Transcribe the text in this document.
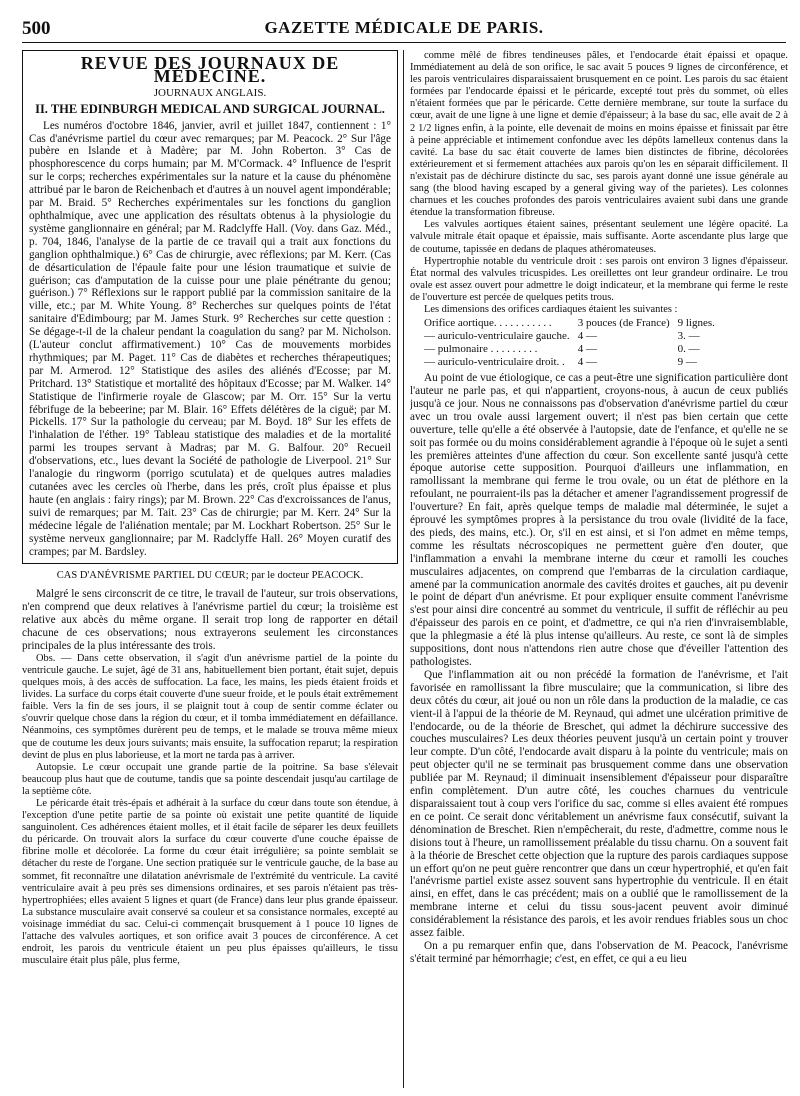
500	GAZETTE MÉDICALE DE PARIS.
REVUE DES JOURNAUX DE MÉDECINE.
JOURNAUX ANGLAIS.
II. THE EDINBURGH MEDICAL AND SURGICAL JOURNAL.

Les numéros d'octobre 1846, janvier, avril et juillet 1847, contiennent : 1° Cas d'anévrisme partiel du cœur avec remarques; par M. Peacock. 2° Sur l'âge pubère en Islande et à Madère; par M. John Roberton. 3° Cas de phosphorescence du corps humain; par M. M'Cormack. 4° Influence de l'esprit sur le corps; recherches expérimentales sur la nature et la cause du phénomène attribué par le baron de Reichenbach et d'autres à un nouvel agent impondérable; par M. Braid. 5° Recherches expérimentales sur les fonctions du ganglion ophthalmique, avec une application des résultats obtenus à la physiologie du système ganglionnaire en général; par M. Radclyffe Hall. (Voy. dans Gaz. Méd., p. 704, 1846, l'analyse de la partie de ce travail qui a trait aux fonctions du ganglion ophthalmique.) 6° Cas de chirurgie, avec réflexions; par M. Kerr. (Cas de désarticulation de l'épaule faite pour une lésion traumatique et suivie de guérison; cas d'amputation de la cuisse pour une plaie pénétrante du genou; guérison.) 7° Réflexions sur le rapport publié par la commission sanitaire de la ville, etc.; par M. White Young. 8° Recherches sur quelques points de l'état sanitaire d'Edimbourg; par M. James Sturk. 9° Recherches sur cette question : Se dégage-t-il de la chaleur pendant la coagulation du sang? par M. Nicholson. (L'auteur conclut affirmativement.) 10° Cas de mouvements morbides rhythmiques; par M. Paget. 11° Cas de diabètes et recherches thérapeutiques; par M. Armerod. 12° Statistique des asiles des aliénés d'Ecosse; par M. Pritchard. 13° Statistique et mortalité des hôpitaux d'Ecosse; par M. Walker. 14° Statistique de l'infirmerie royale de Glascow; par M. Orr. 15° Sur la vertu fébrifuge de la bebeerine; par M. Blair. 16° Effets délétères de la ciguë; par M. Pickells. 17° Sur la pathologie du cerveau; par M. Boyd. 18° Sur les effets de l'inhalation de l'éther. 19° Tableau statistique des maladies et de la mortalité parmi les troupes servant à Madras; par M. G. Balfour. 20° Recueil d'observations, etc., lues devant la Société de pathologie de Liverpool. 21° Sur l'analogie du ringworm (porrigo scutulata) et de quelques autres maladies cutanées avec les cercles où l'herbe, dans les prés, croît plus épaisse et plus haute (en anglais : fairy rings); par M. Brown. 22° Cas d'excroissances de l'anus, suivi de remarques; par M. Tait. 23° Cas de chirurgie; par M. Kerr. 24° Sur la médecine légale de l'aliénation mentale; par M. Lockhart Robertson. 25° Sur le système nerveux ganglionnaire; par M. Radclyffe Hall. 26° Moyen curatif des crampes; par M. Bardsley.

CAS D'ANÉVRISME PARTIEL DU CŒUR; par le docteur PEACOCK.

Malgré le sens circonscrit de ce titre, le travail de l'auteur, sur trois observations, n'en comprend que deux relatives à l'anévrisme partiel du cœur; la troisième est relative aux abcès du même organe. Il serait trop long de rapporter en détail chacune de ces observations; nous extrayerons seulement les circonstances principales de la plus intéressante des trois.

Obs. — Dans cette observation, il s'agit d'un anévrisme partiel de la pointe du ventricule gauche. Le sujet, âgé de 31 ans, habituellement bien portant, était sujet, depuis quelques mois, à des accès de suffocation. La face, les mains, les pieds étaient froids et livides. La surface du corps était couverte d'une sueur froide, et le pouls était extrêmement faible. Vers la fin de ses jours, il se plaignit tout à coup de sentir comme éclater ou s'ouvrir quelque chose dans la région du cœur, et il tomba immédiatement en défaillance. Néanmoins, ces symptômes durèrent peu de temps, et le malade se trouva même mieux que de coutume les deux jours suivants; mais ensuite, la suffocation reparut; la respiration devint de plus en plus laborieuse, et la mort ne tarda pas à arriver.

Autopsie. Le cœur occupait une grande partie de la poitrine. Sa base s'élevait beaucoup plus haut que de coutume, tandis que sa pointe descendait jusqu'au cartilage de la septième côte.

Le péricarde était très-épais et adhérait à la surface du cœur dans toute son étendue, à l'exception d'une petite partie de sa pointe où existait une petite quantité de liquide sanguinolent. Ces adhérences étaient molles, et il était facile de séparer les deux feuillets du péricarde. On trouvait alors la surface du cœur couverte d'une couche épaisse de fibrine molle et décolorée. La forme du cœur était irrégulière; sa pointe semblait se détacher du reste de l'organe. Une section pratiquée sur le ventricule gauche, de la base au sommet, fit reconnaître une dilatation anévrismale de l'extrémité du ventricule. La cavité ventriculaire avait à peu près ses dimensions ordinaires, et ses parois n'étaient pas très-hypertrophiées; elles avaient 5 lignes et quart (de France) dans leur plus grande épaisseur. La substance musculaire avait conservé sa couleur et sa consistance normales, excepté au voisinage immédiat du sac. Celui-ci commençait brusquement à 1 pouce 10 lignes de l'attache des valvules aortiques, et son orifice avait 3 pouces de circonférence. A cet endroit, les parois du ventricule étaient un peu plus épaisses qu'ailleurs, le tissu musculaire était plus pâle, plus ferme,

comme mêlé de fibres tendineuses pâles, et l'endocarde était épaissi et opaque. Immédiatement au delà de son orifice, le sac avait 5 pouces 9 lignes de circonférence, et les parois ventriculaires disparaissaient brusquement en ce point. Les parois du sac étaient formées par l'endocarde épaissi et le péricarde, excepté tout près du sommet, où elles n'étaient formées que par le péricarde. Cette dernière membrane, sur toute la surface du cœur, avait de une ligne à une ligne et demie d'épaisseur; à la base du sac, elle avait de 2 à 2 1/2 lignes enfin, à la pointe, elle devenait de moins en moins épaisse et finissait par être à peine appréciable et intimement confondue avec les dépôts lamelleux contenus dans la cavité. La base du sac était couverte de lames bien distinctes de fibrine, décolorées extérieurement et si fermement attachées aux parois qu'on les en séparait difficilement. Il n'existait pas de déchirure distincte du sac, ses parois ayant donné une issue générale au sang (the blood having escaped by a general giving way of the parietes). Les colonnes charnues et les couches profondes des parois ventriculaires avaient subi dans une grande étendue la transformation fibreuse.

Les valvules aortiques étaient saines, présentant seulement une légère opacité. La valvule mitrale était opaque et épaissie, mais suffisante. Aorte ascendante plus large que de coutume, tapissée en dedans de plaques athéromateuses.

Hypertrophie notable du ventricule droit : ses parois ont environ 3 lignes d'épaisseur. État normal des valvules tricuspides. Les oreillettes ont leur grandeur ordinaire. Le trou ovale est assez ouvert pour admettre le doigt indicateur, et la membrane qui ferme le reste de l'ouverture est percée de quelques petits trous.

Les dimensions des orifices cardiaques étaient les suivantes :

Orifice aortique. . . . . . . . . . .	3 pouces (de France)	9 lignes.
— auriculo-ventriculaire gauche.	4 —	3. —
— pulmonaire . . . . . . . . .	4 —	0. —
— auriculo-ventriculaire droit. .	4 —	9 —

Au point de vue étiologique, ce cas a peut-être une signification particulière dont l'auteur ne parle pas, et qui n'appartient, croyons-nous, à aucun de ceux publiés jusqu'à ce jour. Nous ne connaissons pas d'observation d'anévrisme partiel du cœur avec un trou ovale aussi largement ouvert; il n'est pas bien certain que cette ouverture, telle qu'elle a été observée à l'autopsie, date de l'enfance, et qu'elle ne se soit pas formée ou du moins considérablement agrandie à l'époque où le sujet a senti les premières atteintes d'une affection du cœur. Son excellente santé jusqu'à cette époque autorise cette supposition. Pourquoi d'ailleurs une inflammation, en ramollissant la membrane qui ferme le trou ovale, ou un état de pléthore en la refoulant, ne pourraient-ils pas la détacher et amener l'agrandissement progressif de l'ouverture? En fait, après quelque temps de maladie mal déterminée, le sujet a éprouvé les symptômes propres à la persistance du trou ovale (lividité de la face, des pieds, des mains, etc.). Or, s'il en est ainsi, et si l'on admet en même temps, comme les résultats nécroscopiques ne permettent guère d'en douter, que l'inflammation a envahi la membrane interne du cœur et ramolli les couches musculaires adjacentes, on comprend que l'embarras de la circulation cardiaque, amené par la communication anormale des cavités droites et gauches, ait pu devenir le point de départ d'un anévrisme. Et pour expliquer ensuite comment l'anévrisme s'est pour ainsi dire concentré au sommet du ventricule, il suffit de réfléchir au peu d'épaisseur des parois en ce point, et d'admettre, ce qui n'a rien d'invraisemblable, que la phlegmasie a été là plus intense qu'ailleurs. Au reste, ce sont là de simples suppositions, dont nous n'attendons rien autre chose que d'éveiller l'attention des pathologistes.

Que l'inflammation ait ou non précédé la formation de l'anévrisme, et l'ait favorisée en ramollissant la fibre musculaire; que la communication, si libre des deux côtés du cœur, ait joué ou non un rôle dans la production de la maladie, ce cas vient-il à l'appui de la théorie de M. Reynaud, qui admet une ulcération primitive de l'endocarde, ou de la théorie de Breschet, qui admet la déchirure successive des couches musculaires? Les deux théories peuvent jusqu'à un certain point y trouver leur compte. D'un côté, l'endocarde avait disparu à la pointe du ventricule; mais on peut objecter qu'il ne se terminait pas brusquement comme dans une observation publiée par M. Reynaud; il diminuait insensiblement d'épaisseur pour disparaître enfin complètement. D'un autre côté, les couches charnues du ventricule disparaissaient tout à coup vers l'orifice du sac, comme si elles avaient été rompues en ce point. Ce serait donc véritablement un anévrisme faux consécutif, suivant la dénomination de Breschet. Rien n'empêcherait, du reste, d'admettre, comme nous le disions tout à l'heure, un ramollissement préalable du tissu charnu. On a souvent fait à la théorie de Breschet cette objection que la rupture des parois cardiaques suppose un effort qu'on ne peut guère rencontrer que dans un cœur hypertrophié, et qu'en fait l'anévrisme partiel existe assez souvent sans hypertrophie du ventricule. Il en était ainsi, en effet, dans le cas précédent; mais on a oublié que le ramollissement de la membrane interne et celui du tissu sous-jacent peuvent avoir diminué considérablement la résistance des parois, et les avoir rendues friables sous un choc assez faible.

On a pu remarquer enfin que, dans l'observation de M. Peacock, l'anévrisme s'était terminé par hémorrhagie; c'est, en effet, ce qui a eu lieu
